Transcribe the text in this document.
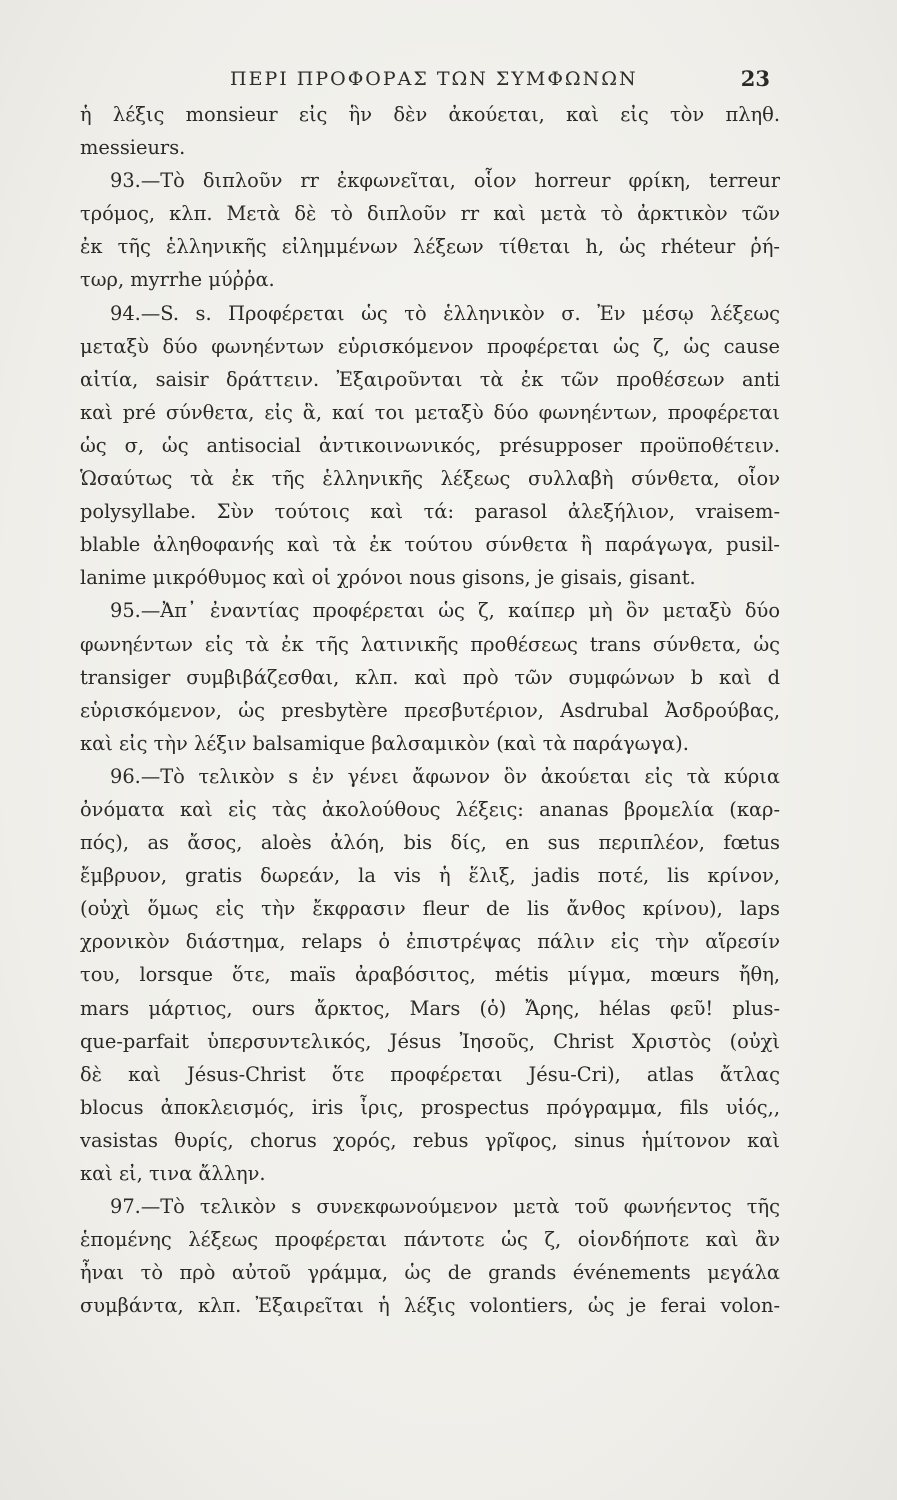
ΠΕΡΙ ΠΡΟΦΟΡΑΣ ΤΩΝ ΣΥΜΦΩΝΩΝ	23
ἡ λέξις monsieur εἰς ἣν δὲν ἀκούεται, καὶ εἰς τὸν πληθ.
messieurs.
93.—Τὸ διπλοῦν rr ἐκφωνεῖται, οἷον horreur φρίκη, terreur
τρόμος, κλπ. Μετὰ δὲ τὸ διπλοῦν rr καὶ μετὰ τὸ ἀρκτικὸν τῶν
ἐκ τῆς ἑλληνικῆς εἰλημμένων λέξεων τίθεται h, ὡς rhéteur ῥή-
τωρ, myrrhe μύῤῥα.
94.—S. s. Προφέρεται ὡς τὸ ἑλληνικὸν σ. Ἐν μέσῳ λέξεως
μεταξὺ δύο φωνηέντων εὑρισκόμενον προφέρεται ὡς ζ, ὡς cause
αἰτία, saisir δράττειν. Ἐξαιροῦνται τὰ ἐκ τῶν προθέσεων anti
καὶ pré σύνθετα, εἰς ἃ, καί τοι μεταξὺ δύο φωνηέντων, προφέρεται
ὡς σ, ὡς antisocial ἀντικοινωνικός, présupposer προϋποθέτειν.
Ὡσαύτως τὰ ἐκ τῆς ἑλληνικῆς λέξεως συλλαβὴ σύνθετα, οἷον
polysyllabe. Σὺν τούτοις καὶ τά: parasol ἀλεξήλιον, vraisem-
blable ἀληθοφανής καὶ τὰ ἐκ τούτου σύνθετα ἢ παράγωγα, pusil-
lanime μικρόθυμος καὶ οἱ χρόνοι nous gisons, je gisais, gisant.
95.—Ἀπ᾽ ἐναντίας προφέρεται ὡς ζ, καίπερ μὴ ὂν μεταξὺ δύο
φωνηέντων εἰς τὰ ἐκ τῆς λατινικῆς προθέσεως trans σύνθετα, ὡς
transiger συμβιβάζεσθαι, κλπ. καὶ πρὸ τῶν συμφώνων b καὶ d
εὑρισκόμενον, ὡς presbytère πρεσβυτέριον, Asdrubal Ἀσδρούβας,
καὶ εἰς τὴν λέξιν balsamique βαλσαμικὸν (καὶ τὰ παράγωγα).
96.—Τὸ τελικὸν s ἐν γένει ἄφωνον ὃν ἀκούεται εἰς τὰ κύρια
ὀνόματα καὶ εἰς τὰς ἀκολούθους λέξεις: ananas βρομελία (καρ-
πός), as ἄσος, aloès ἀλόη, bis δίς, en sus περιπλέον, fœtus
ἔμβρυον, gratis δωρεάν, la vis ἡ ἕλιξ, jadis ποτέ, lis κρίνον,
(οὐχὶ ὅμως εἰς τὴν ἔκφρασιν fleur de lis ἄνθος κρίνου), laps
χρονικὸν διάστημα, relaps ὁ ἐπιστρέψας πάλιν εἰς τὴν αἵρεσίν
του, lorsque ὅτε, maïs ἀραβόσιτος, métis μίγμα, mœurs ἤθη,
mars μάρτιος, ours ἄρκτος, Mars (ὁ) Ἄρης, hélas φεῦ! plus-
que-parfait ὑπερσυντελικός, Jésus Ἰησοῦς, Christ Χριστὸς (οὐχὶ
δὲ καὶ Jésus-Christ ὅτε προφέρεται Jésu-Cri), atlas ἄτλας
blocus ἀποκλεισμός, iris ἶρις, prospectus πρόγραμμα, fils υἱός,,
vasistas θυρίς, chorus χορός, rebus γρῖφος, sinus ἡμίτονον καὶ
καὶ εἰ, τινα ἄλλην.
97.—Τὸ τελικὸν s συνεκφωνούμενον μετὰ τοῦ φωνήεντος τῆς
ἑπομένης λέξεως προφέρεται πάντοτε ὡς ζ, οἱονδήποτε καὶ ἂν
ἦναι τὸ πρὸ αὐτοῦ γράμμα, ὡς de grands événements μεγάλα
συμβάντα, κλπ. Ἐξαιρεῖται ἡ λέξις volontiers, ὡς je ferai volon-
